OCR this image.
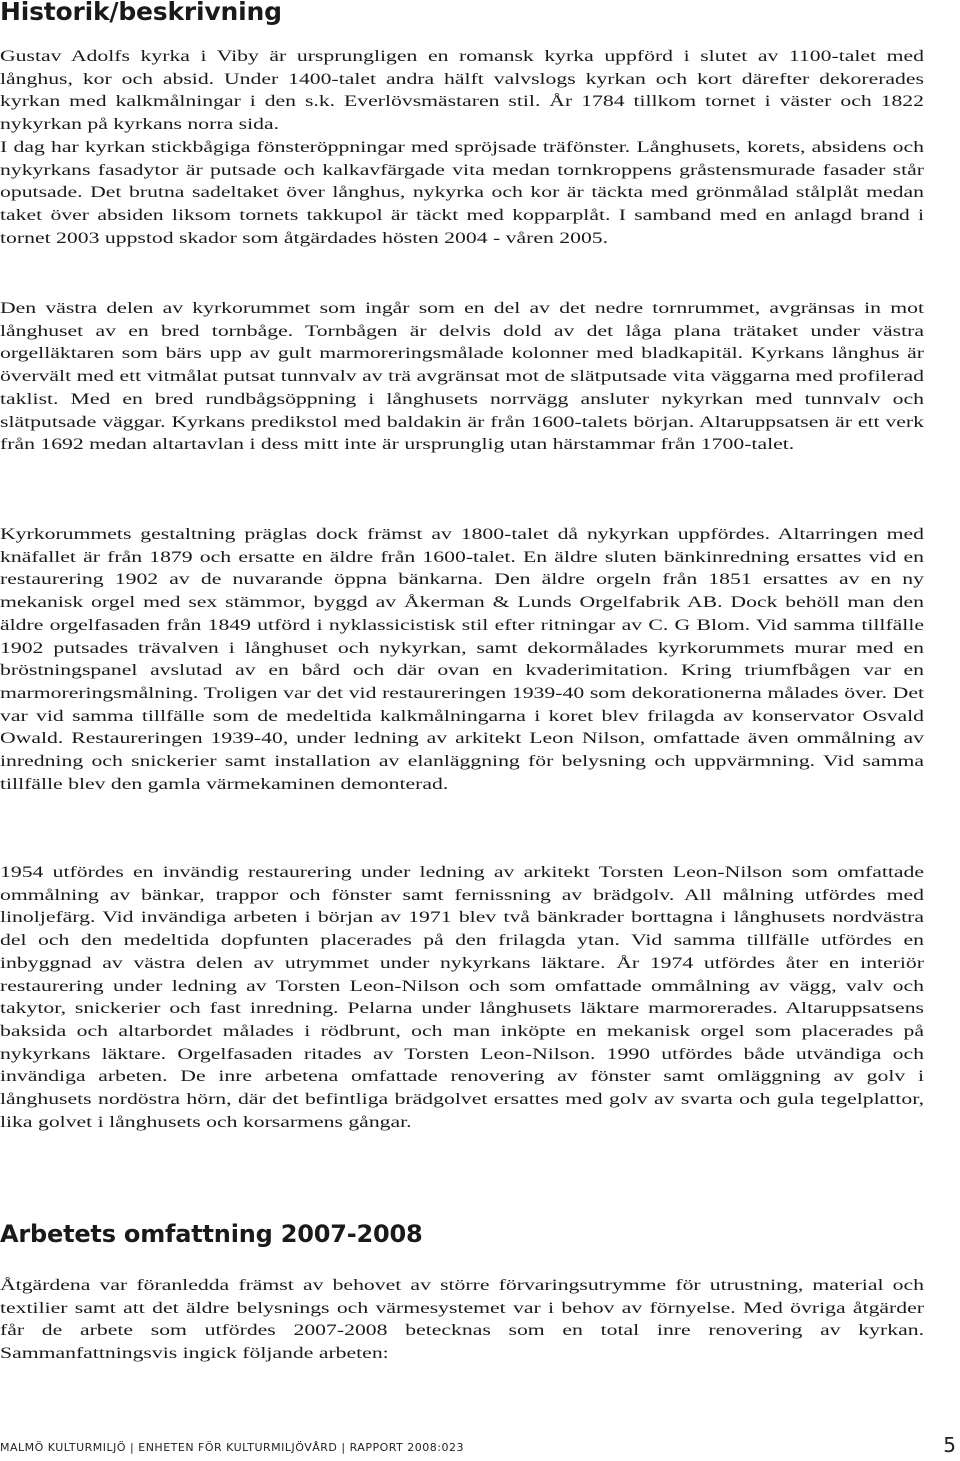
Historik/beskrivning
Gustav Adolfs kyrka i Viby är ursprungligen en romansk kyrka uppförd i slutet av 1100-talet med långhus, kor och absid. Under 1400-talet andra hälft valvslogs kyrkan och kort därefter dekorerades kyrkan med kalkmålningar i den s.k. Everlövsmästaren stil. År 1784 tillkom tornet i väster och 1822 nykyrkan på kyrkans norra sida.
I dag har kyrkan stickbågiga fönsteröppningar med spröjsade träfönster. Långhusets, korets, absidens och nykyrkans fasadytor är putsade och kalkavfärgade vita medan tornkroppens gråstensmurade fasader står oputsade. Det brutna sadeltaket över långhus, nykyrka och kor är täckta med grönmålad stålplåt medan taket över absiden liksom tornets takkupol är täckt med kopparplåt. I samband med en anlagd brand i tornet 2003 uppstod skador som åtgärdades hösten 2004 - våren 2005.

Den västra delen av kyrkorummet som ingår som en del av det nedre tornrummet, avgränsas in mot långhuset av en bred tornbåge. Tornbågen är delvis dold av det låga plana trätaket under västra orgelläktaren som bärs upp av gult marmoreringsmålade kolonner med bladkapitäl. Kyrkans långhus är övervält med ett vitmålat putsat tunnvalv av trä avgränsat mot de slätputsade vita väggarna med profilerad taklist. Med en bred rundbågsöppning i långhusets norrvägg ansluter nykyrkan med tunnvalv och slätputsade väggar. Kyrkans predikstol med baldakin är från 1600-talets början. Altaruppsatsen är ett verk från 1692 medan altartavlan i dess mitt inte är ursprunglig utan härstammar från 1700-talet.

Kyrkorummets gestaltning präglas dock främst av 1800-talet då nykyrkan uppfördes. Altarringen med knäfallet är från 1879 och ersatte en äldre från 1600-talet. En äldre sluten bänkinredning ersattes vid en restaurering 1902 av de nuvarande öppna bänkarna. Den äldre orgeln från 1851 ersattes av en ny mekanisk orgel med sex stämmor, byggd av Åkerman & Lunds Orgelfabrik AB. Dock behöll man den äldre orgelfasaden från 1849 utförd i nyklassicistisk stil efter ritningar av C. G Blom. Vid samma tillfälle 1902 putsades trävalven i långhuset och nykyrkan, samt dekormålades kyrkorummets murar med en bröstningspanel avslutad av en bård och där ovan en kvaderimitation. Kring triumfbågen var en marmoreringsmålning. Troligen var det vid restaureringen 1939-40 som dekorationerna målades över. Det var vid samma tillfälle som de medeltida kalkmålningarna i koret blev frilagda av konservator Osvald Owald. Restaureringen 1939-40, under ledning av arkitekt Leon Nilson, omfattade även ommålning av inredning och snickerier samt installation av elanläggning för belysning och uppvärmning. Vid samma tillfälle blev den gamla värmekaminen demonterad.

1954 utfördes en invändig restaurering under ledning av arkitekt Torsten Leon-Nilson som omfattade ommålning av bänkar, trappor och fönster samt fernissning av brädgolv. All målning utfördes med linoljefärg. Vid invändiga arbeten i början av 1971 blev två bänkrader borttagna i långhusets nordvästra del och den medeltida dopfunten placerades på den frilagda ytan. Vid samma tillfälle utfördes en inbyggnad av västra delen av utrymmet under nykyrkans läktare. År 1974 utfördes åter en interiör restaurering under ledning av Torsten Leon-Nilson och som omfattade ommålning av vägg, valv och takytor, snickerier och fast inredning. Pelarna under långhusets läktare marmorerades. Altaruppsatsens baksida och altarbordet målades i rödbrunt, och man inköpte en mekanisk orgel som placerades på nykyrkans läktare. Orgelfasaden ritades av Torsten Leon-Nilson. 1990 utfördes både utvändiga och invändiga arbeten. De inre arbetena omfattade renovering av fönster samt omläggning av golv i långhusets nordöstra hörn, där det befintliga brädgolvet ersattes med golv av svarta och gula tegelplattor, lika golvet i långhusets och korsarmens gångar.

Arbetets omfattning 2007-2008

Åtgärdena var föranledda främst av behovet av större förvaringsutrymme för utrustning, material och textilier samt att det äldre belysnings och värmesystemet var i behov av förnyelse. Med övriga åtgärder får de arbete som utfördes 2007-2008 betecknas som en total inre renovering av kyrkan. Sammanfattningsvis ingick följande arbeten:

MALMÖ KULTURMILJÖ | ENHETEN FÖR KULTURMILJÖVÅRD | RAPPORT 2008:023	5
